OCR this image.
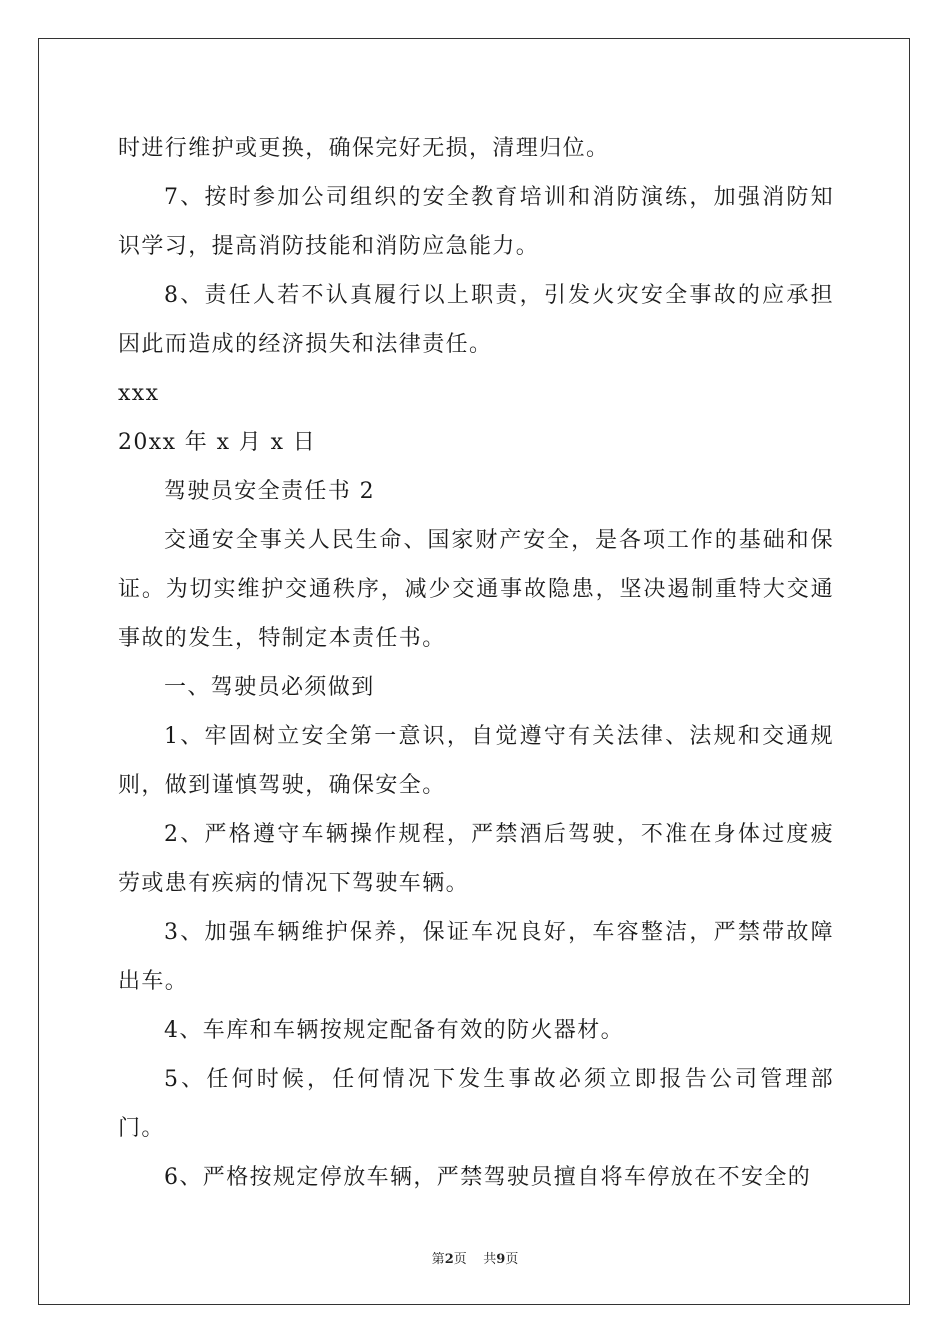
时进行维护或更换，确保完好无损，清理归位。

7、按时参加公司组织的安全教育培训和消防演练，加强消防知识学习，提高消防技能和消防应急能力。

8、责任人若不认真履行以上职责，引发火灾安全事故的应承担因此而造成的经济损失和法律责任。

xxx

20xx 年 x 月 x 日

驾驶员安全责任书 2

交通安全事关人民生命、国家财产安全，是各项工作的基础和保证。为切实维护交通秩序，减少交通事故隐患，坚决遏制重特大交通事故的发生，特制定本责任书。

一、驾驶员必须做到

1、牢固树立安全第一意识，自觉遵守有关法律、法规和交通规则，做到谨慎驾驶，确保安全。

2、严格遵守车辆操作规程，严禁酒后驾驶，不准在身体过度疲劳或患有疾病的情况下驾驶车辆。

3、加强车辆维护保养，保证车况良好，车容整洁，严禁带故障出车。

4、车库和车辆按规定配备有效的防火器材。

5、任何时候，任何情况下发生事故必须立即报告公司管理部门。

6、严格按规定停放车辆，严禁驾驶员擅自将车停放在不安全的

第2页    共9页
